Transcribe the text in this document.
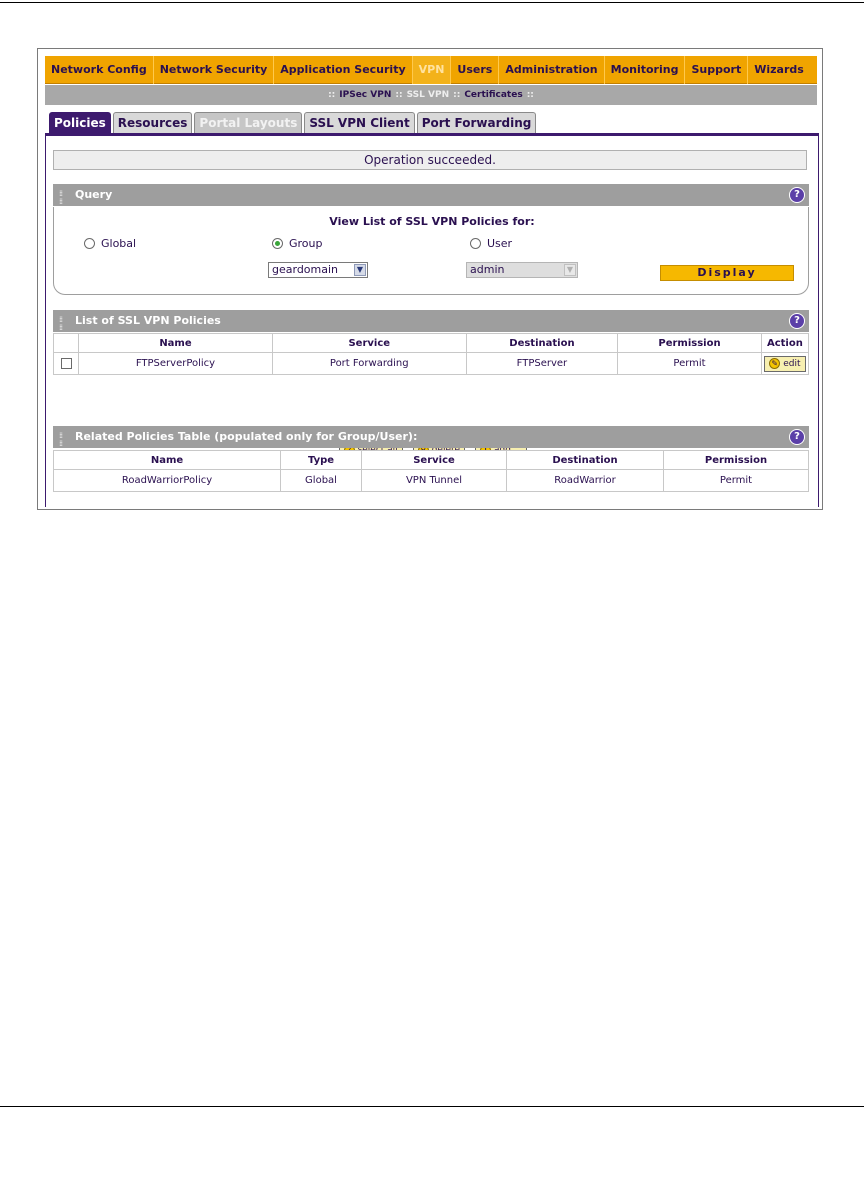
Network Config	Network Security	Application Security	VPN	Users	Administration	Monitoring	Support	Wizards
:: IPSec VPN :: SSL VPN :: Certificates ::
Policies	Resources	Portal Layouts	SSL VPN Client	Port Forwarding
Operation succeeded.
⁞⁞
⁞⁞
Query	?
View List of SSL VPN Policies for:
Global	Group	User
geardomain	▼	admin	▼	Display
⁞⁞
⁞⁞
List of SSL VPN Policies	?
	Name	Service	Destination	Permission	Action
	FTPServerPolicy	Port Forwarding	FTPServer	Permit	✎ edit
⁞⁞
⁞⁞
Related Policies Table (populated only for Group/User):	?
Name	Type	Service	Destination	Permission
RoadWarriorPolicy	Global	VPN Tunnel	RoadWarrior	Permit
